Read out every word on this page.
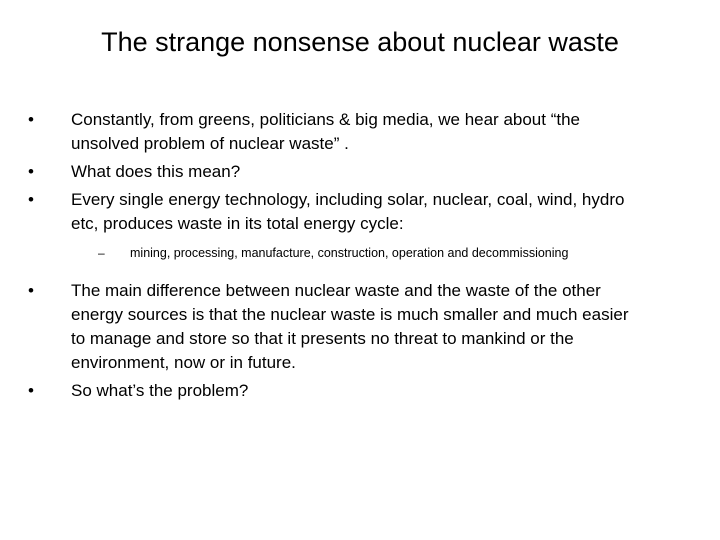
The strange nonsense about nuclear waste
• Constantly, from greens, politicians & big media, we hear about “the unsolved problem of nuclear waste” .
• What does this mean?
• Every single energy technology, including solar, nuclear, coal, wind, hydro etc, produces waste in its total energy cycle:
– mining, processing, manufacture, construction, operation and decommissioning
• The main difference between nuclear waste and the waste of the other energy sources is that the nuclear waste is much smaller and much easier to manage and store so that it presents no threat to mankind or the environment, now or in future.
• So what’s the problem?
